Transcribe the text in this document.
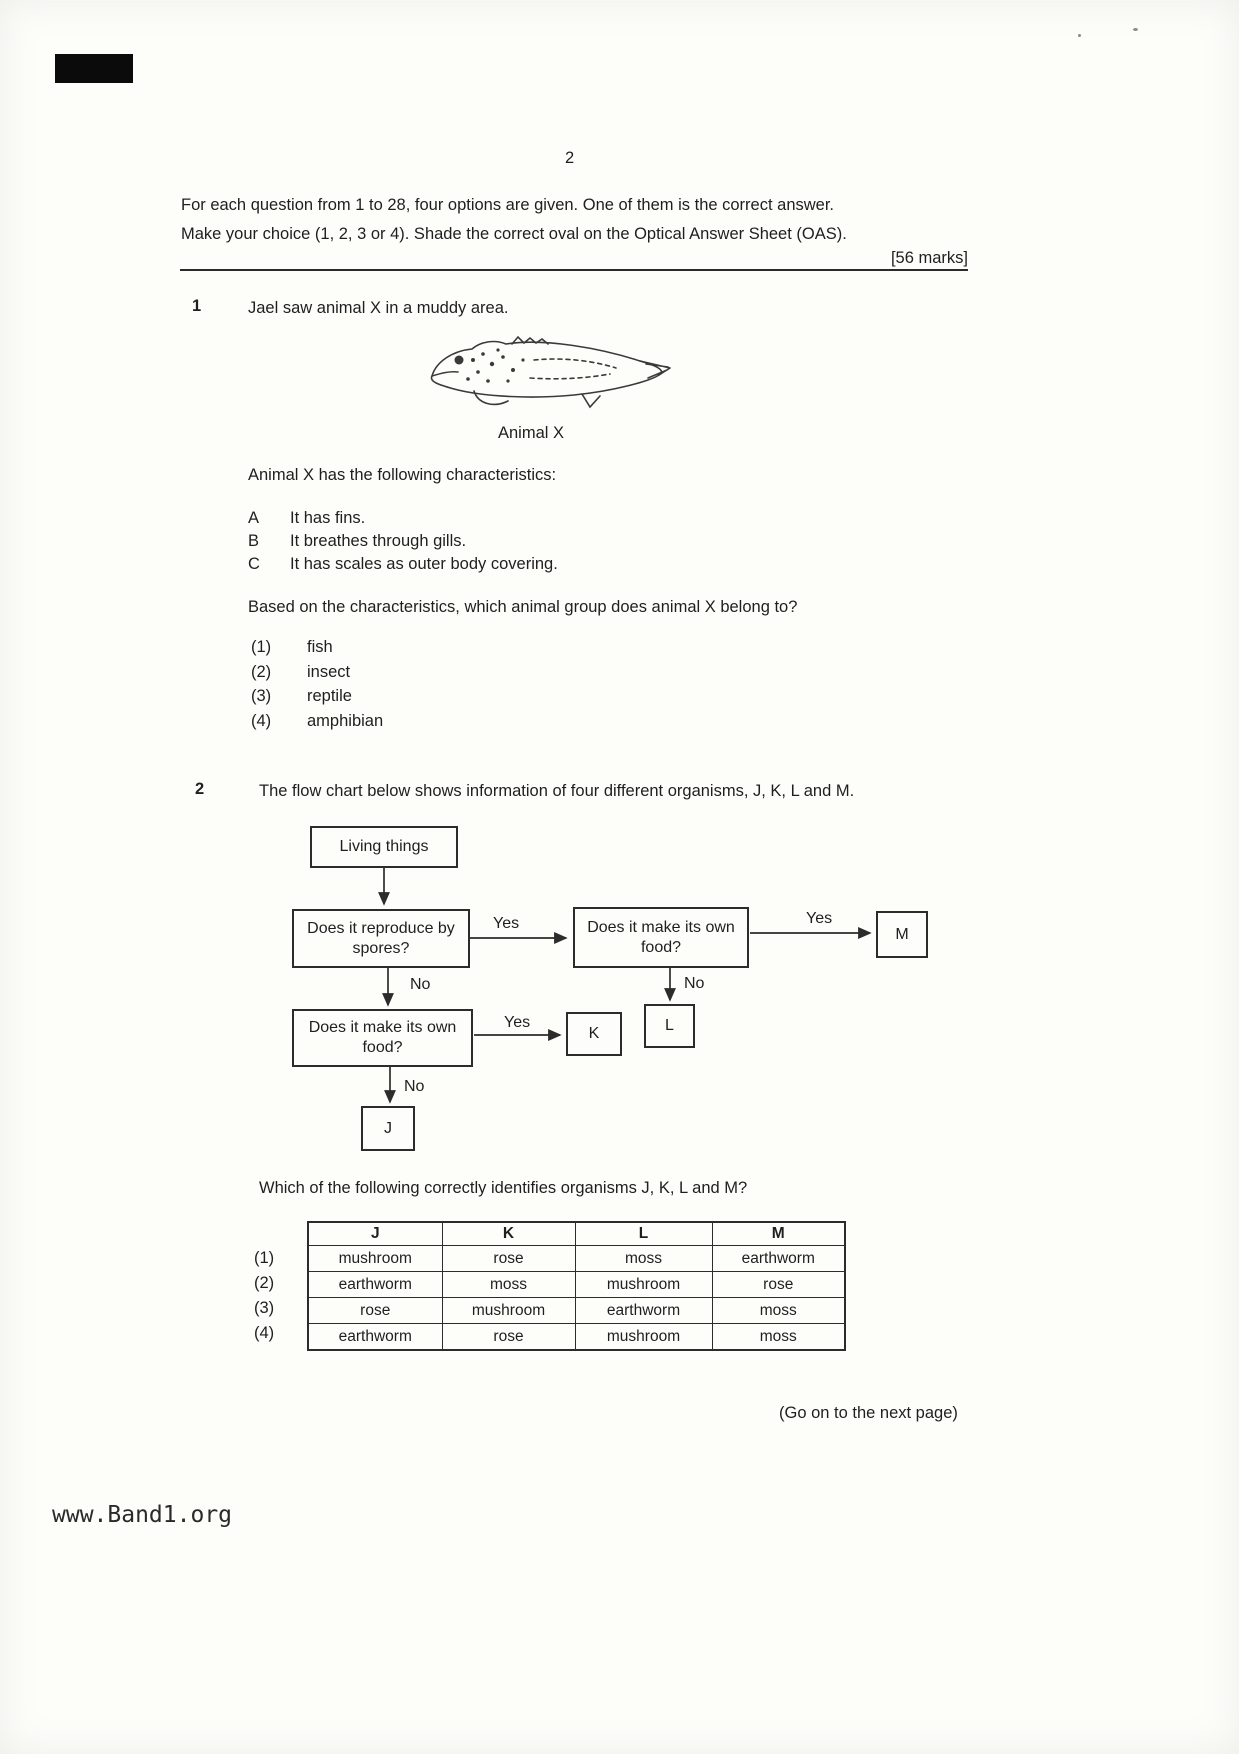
2
For each question from 1 to 28, four options are given. One of them is the correct answer.
Make your choice (1, 2, 3 or 4). Shade the correct oval on the Optical Answer Sheet (OAS).
[56 marks]
1	Jael saw animal X in a muddy area.
Animal X
Animal X has the following characteristics:
A It has fins.
B It breathes through gills.
C It has scales as outer body covering.
Based on the characteristics, which animal group does animal X belong to?
(1) fish
(2) insect
(3) reptile
(4) amphibian
2	The flow chart below shows information of four different organisms, J, K, L and M.
Living things
Does it reproduce by spores?
Does it make its own food?
M
L
Does it make its own food?
K
J
Yes	Yes
Yes
No	No
No
Which of the following correctly identifies organisms J, K, L and M?
(1)
(2)
(3)
(4)
J	K	L	M
mushroom	rose	moss	earthworm
earthworm	moss	mushroom	rose
rose	mushroom	earthworm	moss
earthworm	rose	mushroom	moss
(Go on to the next page)
www.Band1.org
